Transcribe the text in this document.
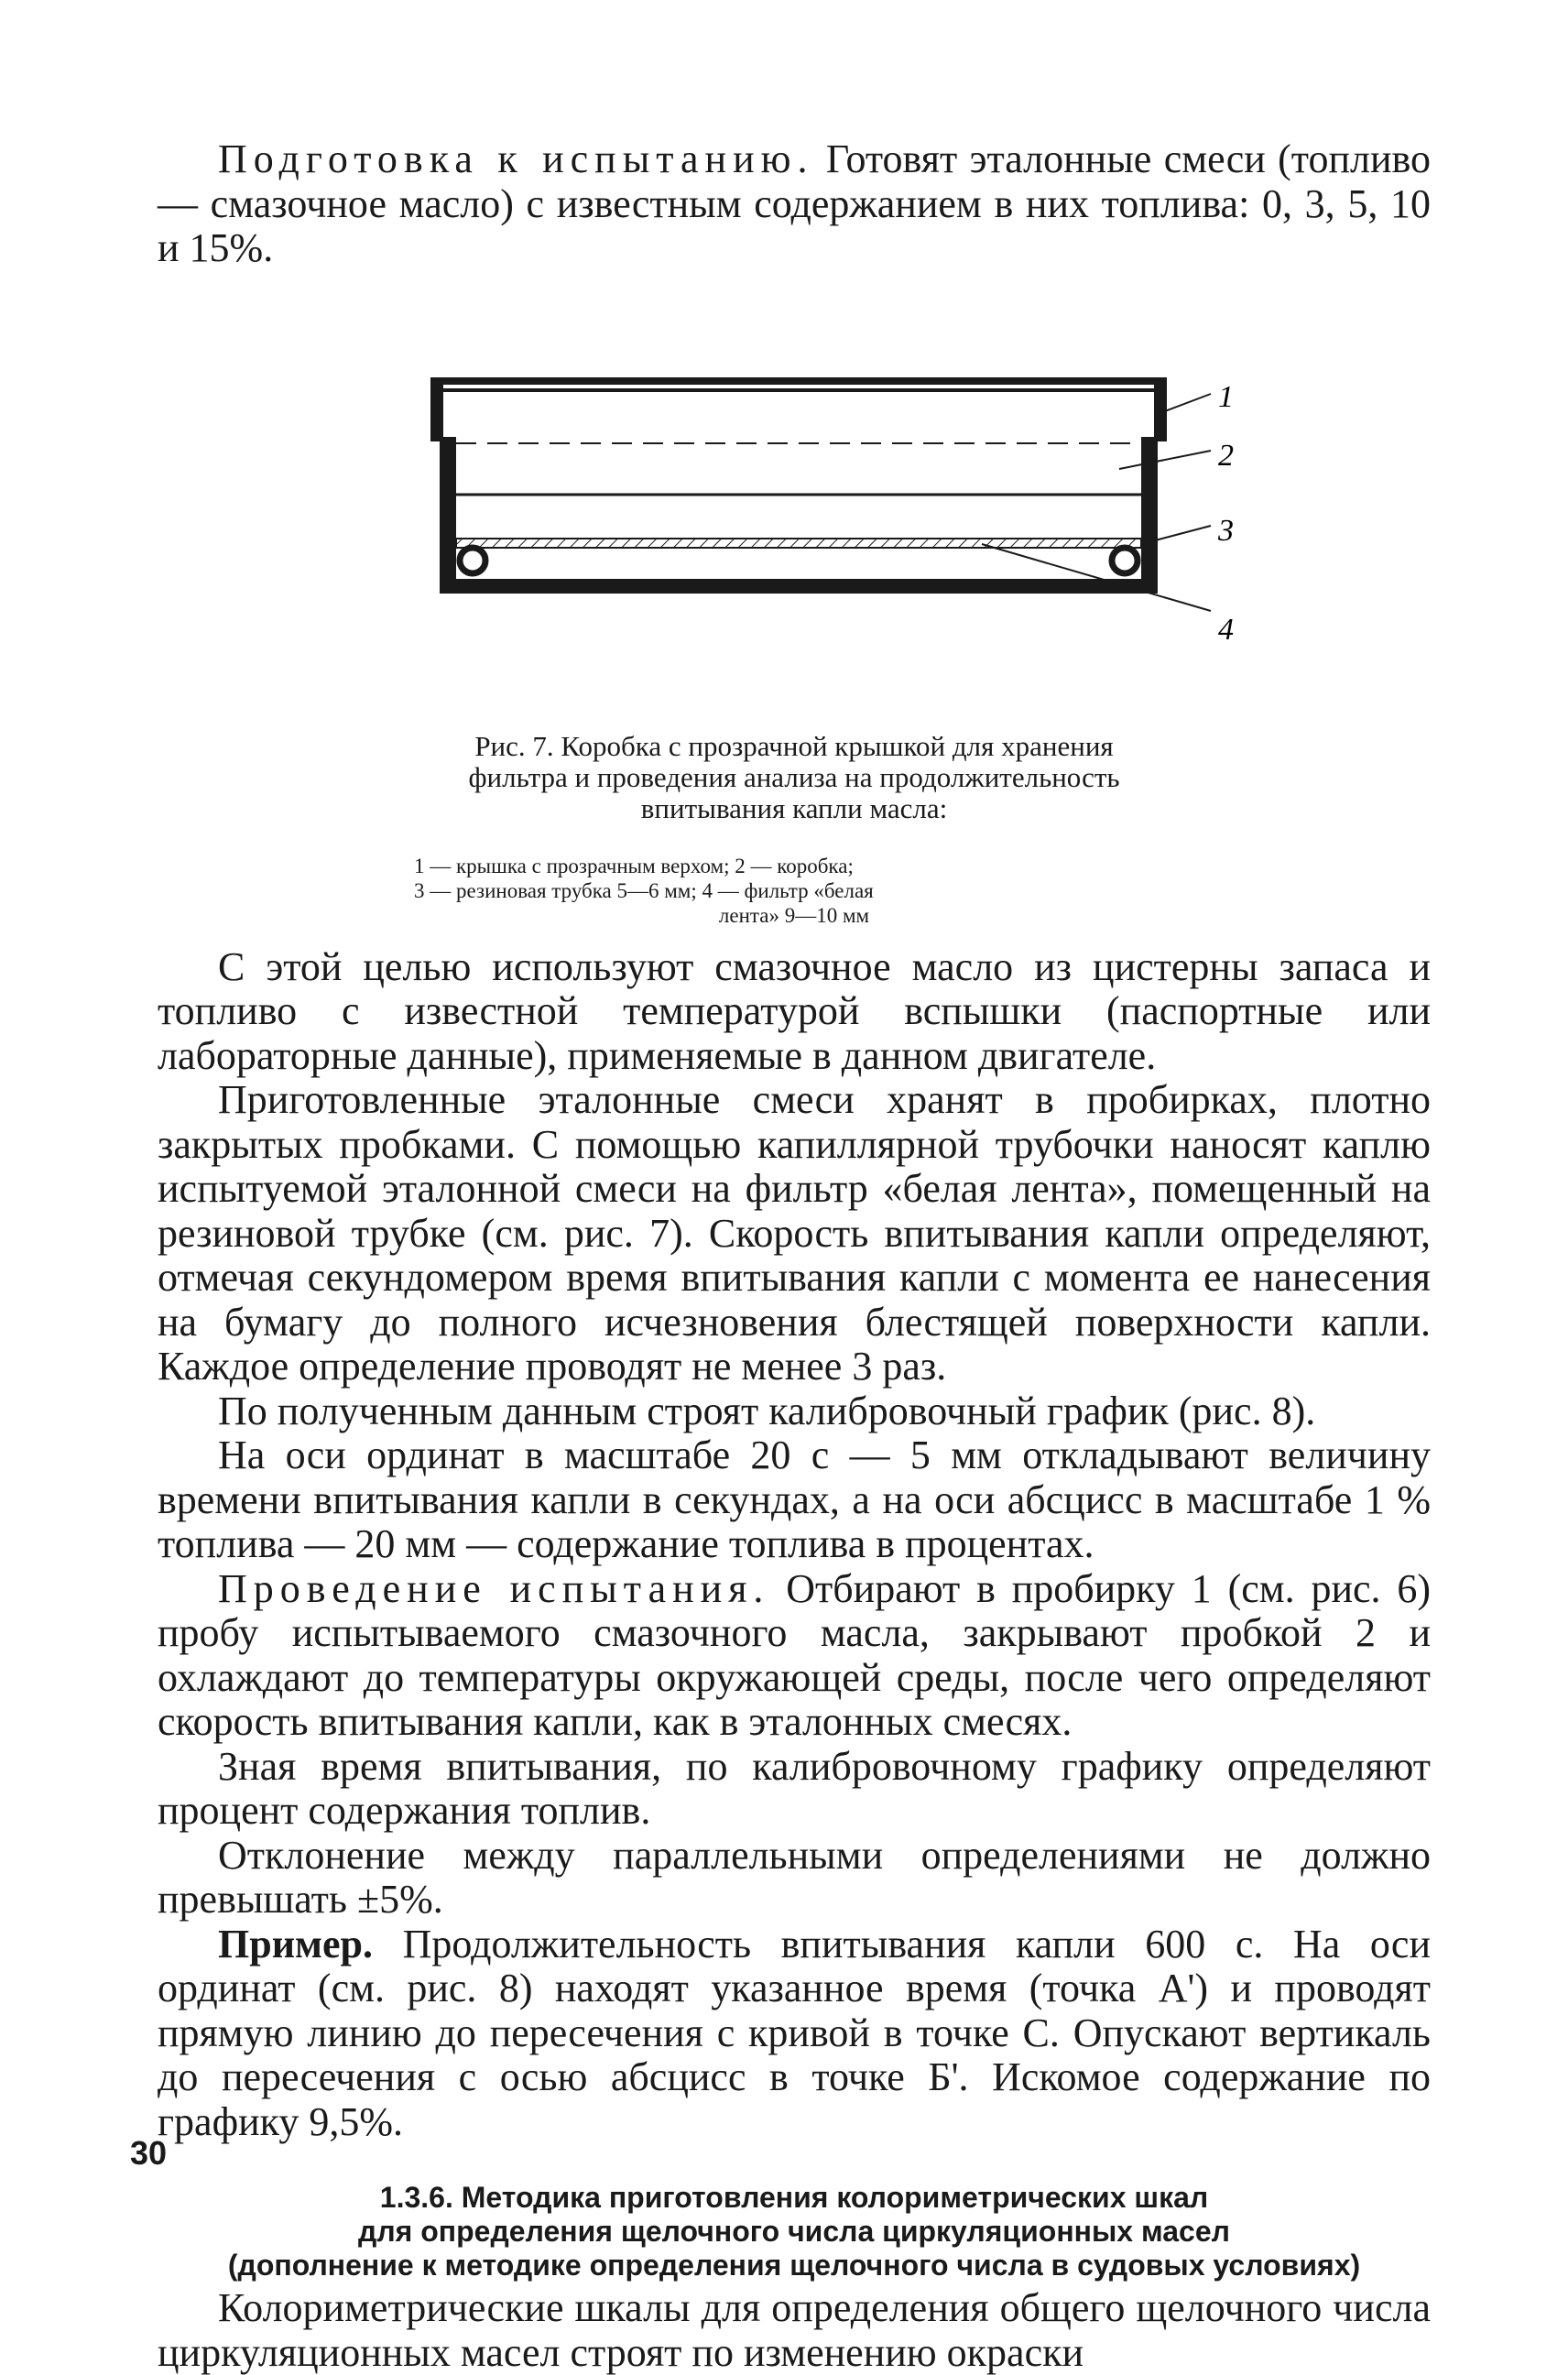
Подготовка к испытанию. Готовят эталонные смеси (топливо — смазочное масло) с известным содержанием в них топлива: 0, 3, 5, 10 и 15%.

1
2
3
4
Рис. 7. Коробка с прозрачной крышкой для хранения фильтра и проведения анализа на продолжительность впитывания капли масла:
1 — крышка с прозрачным верхом; 2 — коробка;
3 — резиновая трубка 5—6 мм; 4 — фильтр «белая
лента» 9—10 мм

С этой целью используют смазочное масло из цистерны запаса и топливо с известной температурой вспышки (паспортные или лабораторные данные), применяемые в данном двигателе.

Приготовленные эталонные смеси хранят в пробирках, плотно закрытых пробками. С помощью капиллярной трубочки наносят каплю испытуемой эталонной смеси на фильтр «белая лента», помещенный на резиновой трубке (см. рис. 7). Скорость впитывания капли определяют, отмечая секундомером время впитывания капли с момента ее нанесения на бумагу до полного исчезновения блестящей поверхности капли. Каждое определение проводят не менее 3 раз.

По полученным данным строят калибровочный график (рис. 8).

На оси ординат в масштабе 20 с — 5 мм откладывают величину времени впитывания капли в секундах, а на оси абсцисс в масштабе 1 % топлива — 20 мм — содержание топлива в процентах.

Проведение испытания. Отбирают в пробирку 1 (см. рис. 6) пробу испытываемого смазочного масла, закрывают пробкой 2 и охлаждают до температуры окружающей среды, после чего определяют скорость впитывания капли, как в эталонных смесях.

Зная время впитывания, по калибровочному графику определяют процент содержания топлив.

Отклонение между параллельными определениями не должно превышать ±5%.

Пример. Продолжительность впитывания капли 600 с. На оси ординат (см. рис. 8) находят указанное время (точка А') и проводят прямую линию до пересечения с кривой в точке С. Опускают вертикаль до пересечения с осью абсцисс в точке Б'. Искомое содержание по графику 9,5%.

1.3.6. Методика приготовления колориметрических шкал
для определения щелочного числа циркуляционных масел
(дополнение к методике определения щелочного числа в судовых условиях)

Колориметрические шкалы для определения общего щелочного числа циркуляционных масел строят по изменению окраски

30
